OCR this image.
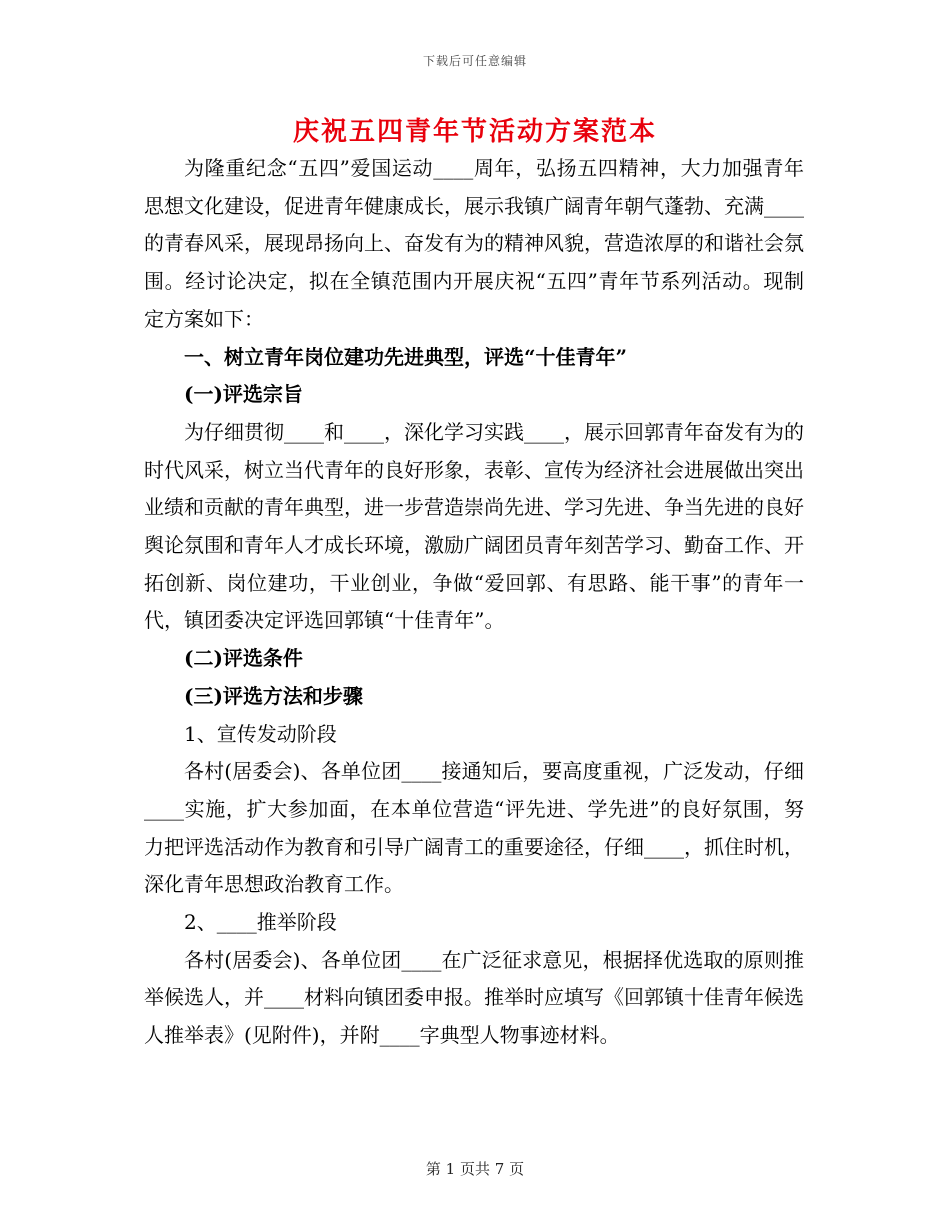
下载后可任意编辑
庆祝五四青年节活动方案范本

为隆重纪念“五四”爱国运动____周年，弘扬五四精神，大力加强青年思想文化建设，促进青年健康成长，展示我镇广阔青年朝气蓬勃、充满____的青春风采，展现昂扬向上、奋发有为的精神风貌，营造浓厚的和谐社会氛围。经讨论决定，拟在全镇范围内开展庆祝“五四”青年节系列活动。现制定方案如下：

一、树立青年岗位建功先进典型，评选“十佳青年”

(一)评选宗旨

为仔细贯彻____和____，深化学习实践____，展示回郭青年奋发有为的时代风采，树立当代青年的良好形象，表彰、宣传为经济社会进展做出突出业绩和贡献的青年典型，进一步营造崇尚先进、学习先进、争当先进的良好舆论氛围和青年人才成长环境，激励广阔团员青年刻苦学习、勤奋工作、开拓创新、岗位建功，干业创业，争做“爱回郭、有思路、能干事”的青年一代，镇团委决定评选回郭镇“十佳青年”。

(二)评选条件

(三)评选方法和步骤

1、宣传发动阶段

各村(居委会)、各单位团____接通知后，要高度重视，广泛发动，仔细____实施，扩大参加面，在本单位营造“评先进、学先进”的良好氛围，努力把评选活动作为教育和引导广阔青工的重要途径，仔细____，抓住时机，深化青年思想政治教育工作。

2、____推举阶段

各村(居委会)、各单位团____在广泛征求意见，根据择优选取的原则推举候选人，并____材料向镇团委申报。推举时应填写《回郭镇十佳青年候选人推举表》(见附件)，并附____字典型人物事迹材料。

第 1 页共 7 页
